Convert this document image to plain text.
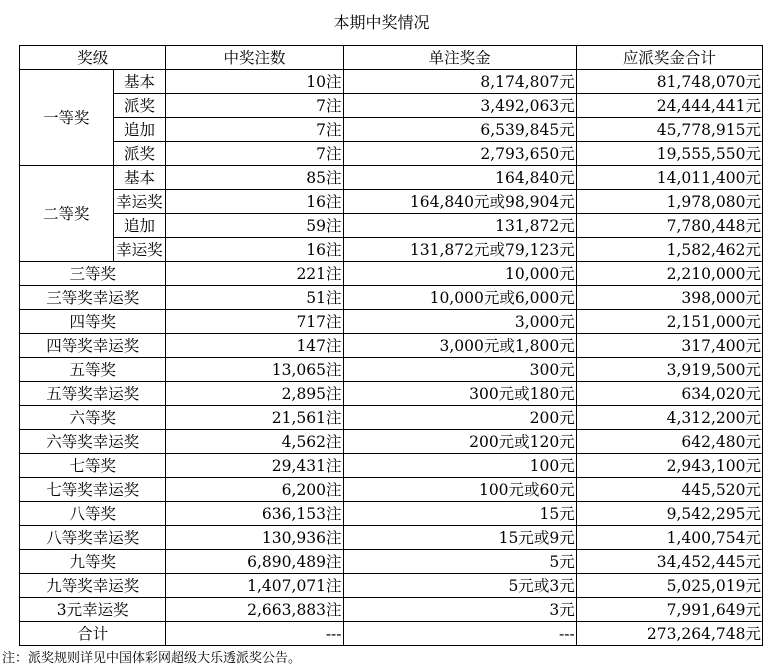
本期中奖情况
奖级		中奖注数	单注奖金	应派奖金合计
一等奖	基本	10注	8,174,807元	81,748,070元
	派奖	7注	3,492,063元	24,444,441元
	追加	7注	6,539,845元	45,778,915元
	派奖	7注	2,793,650元	19,555,550元
二等奖	基本	85注	164,840元	14,011,400元
	幸运奖	16注	164,840元或98,904元	1,978,080元
	追加	59注	131,872元	7,780,448元
	幸运奖	16注	131,872元或79,123元	1,582,462元
三等奖		221注	10,000元	2,210,000元
三等奖幸运奖		51注	10,000元或6,000元	398,000元
四等奖		717注	3,000元	2,151,000元
四等奖幸运奖		147注	3,000元或1,800元	317,400元
五等奖		13,065注	300元	3,919,500元
五等奖幸运奖		2,895注	300元或180元	634,020元
六等奖		21,561注	200元	4,312,200元
六等奖幸运奖		4,562注	200元或120元	642,480元
七等奖		29,431注	100元	2,943,100元
七等奖幸运奖		6,200注	100元或60元	445,520元
八等奖		636,153注	15元	9,542,295元
八等奖幸运奖		130,936注	15元或9元	1,400,754元
九等奖		6,890,489注	5元	34,452,445元
九等奖幸运奖		1,407,071注	5元或3元	5,025,019元
3元幸运奖		2,663,883注	3元	7,991,649元
合计		---	---	273,264,748元
注：派奖规则详见中国体彩网超级大乐透派奖公告。
